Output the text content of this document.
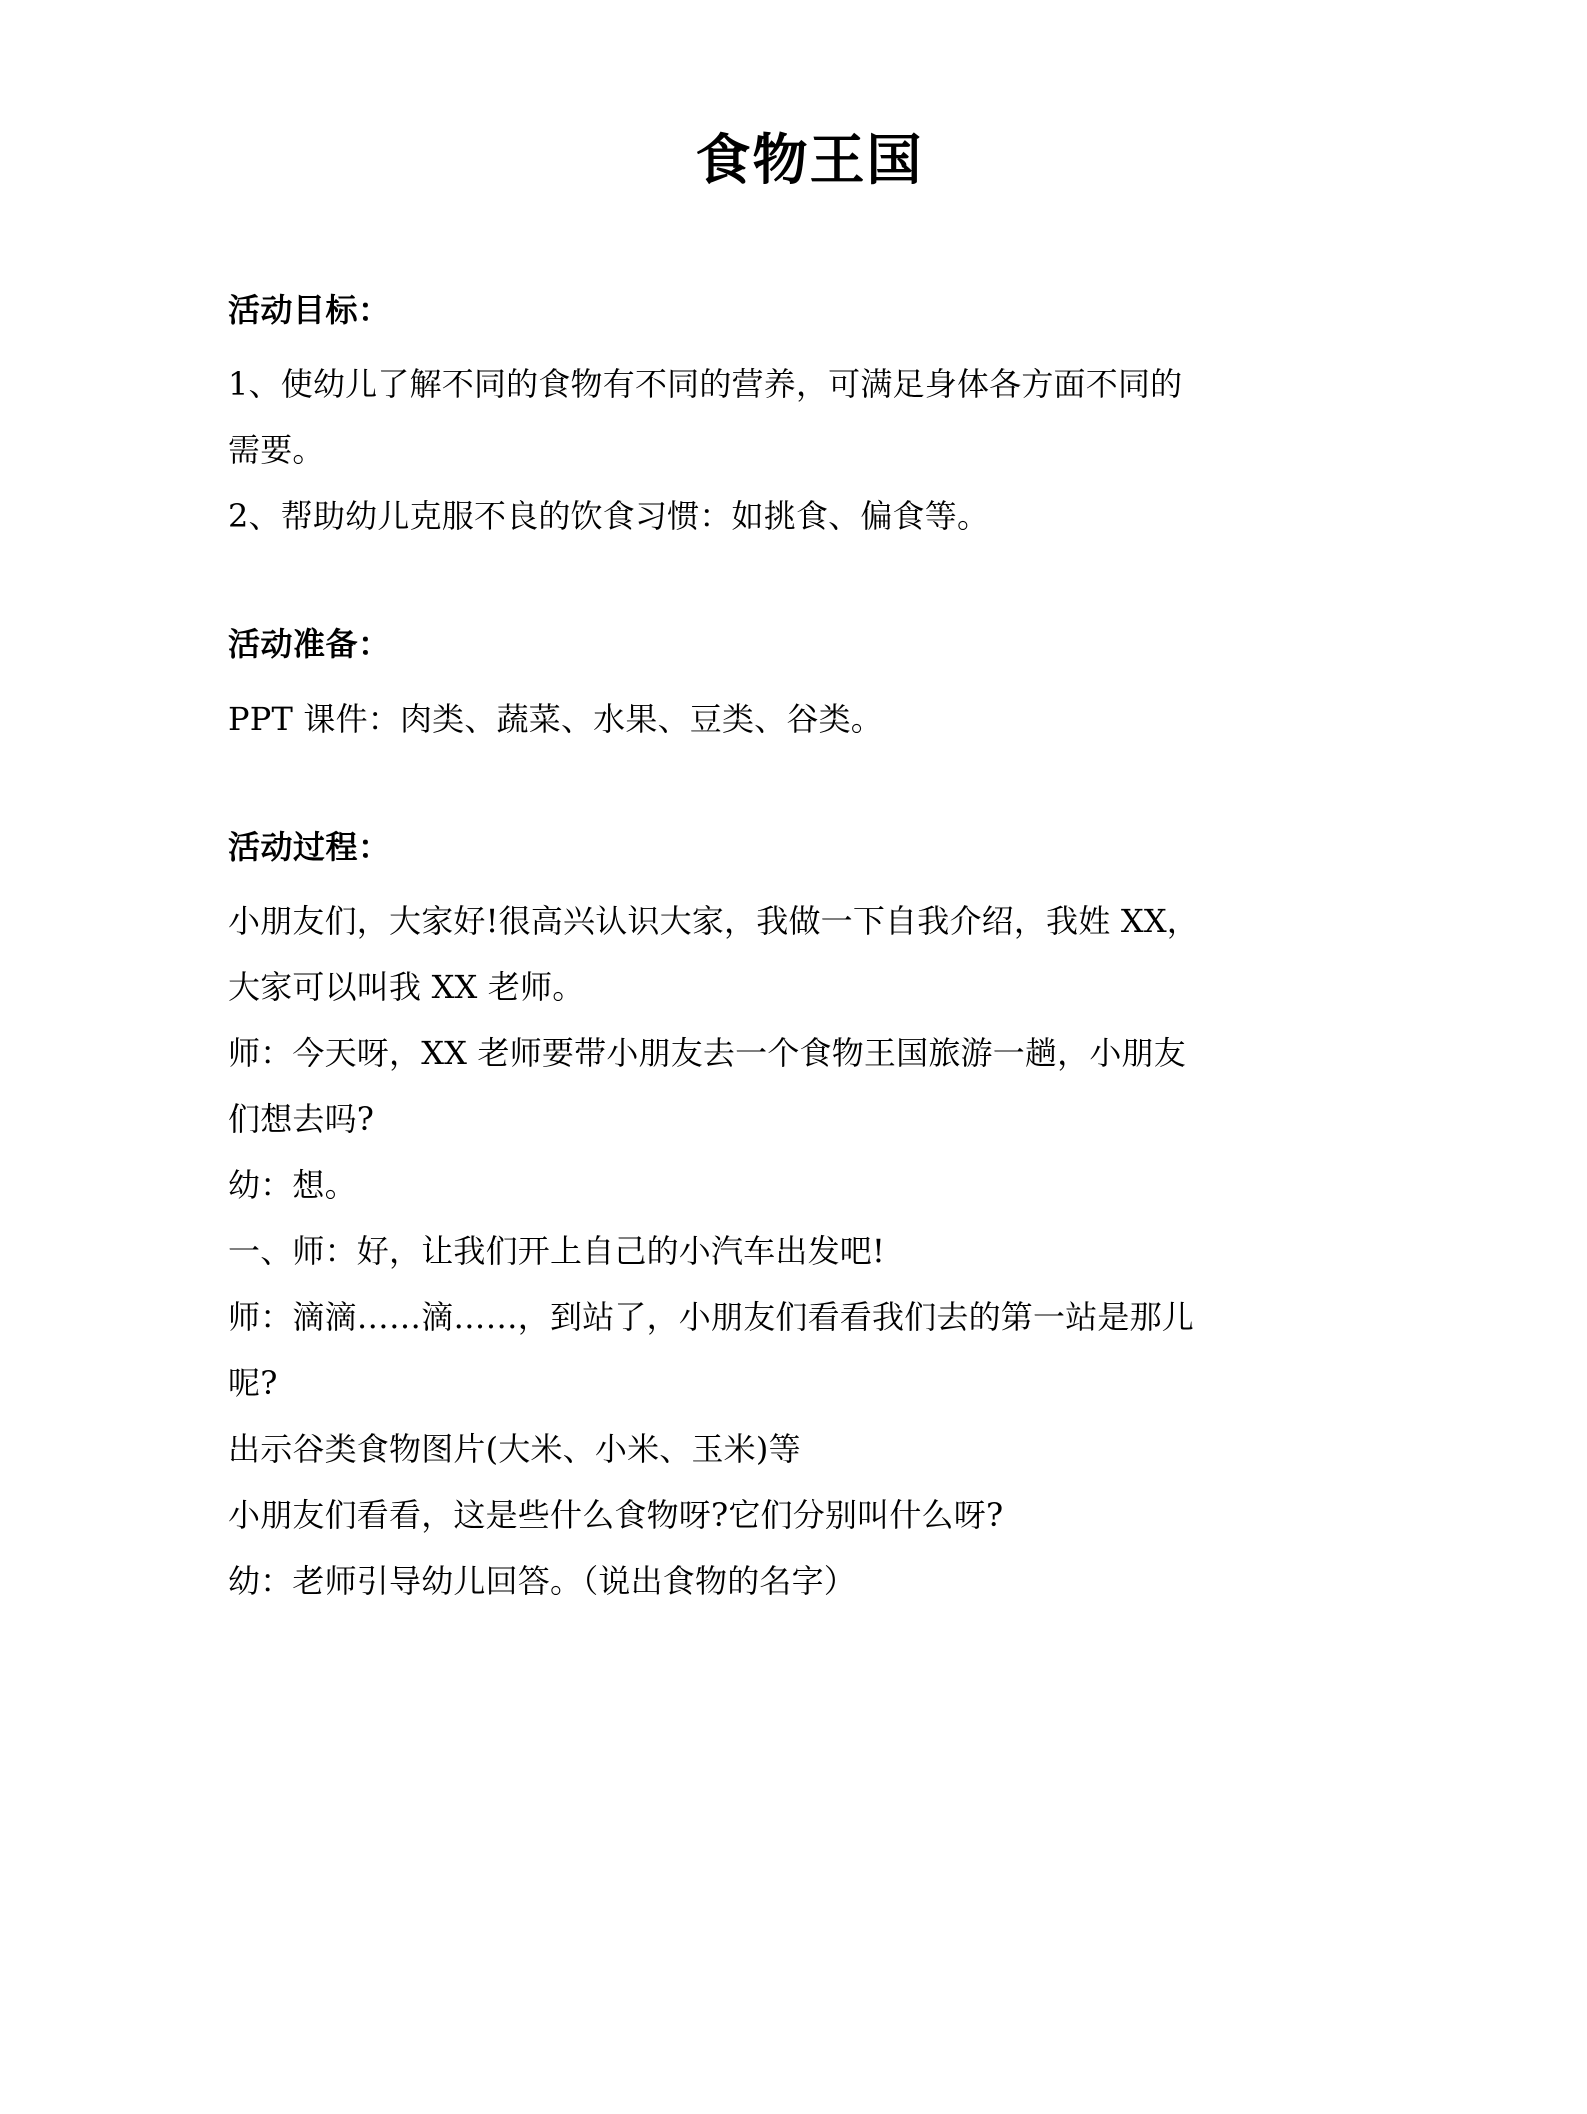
食物王国

活动目标：

1、使幼儿了解不同的食物有不同的营养，可满足身体各方面不同的

需要。

2、帮助幼儿克服不良的饮食习惯：如挑食、偏食等。

活动准备：

PPT 课件：肉类、蔬菜、水果、豆类、谷类。

活动过程：

小朋友们，大家好!很高兴认识大家，我做一下自我介绍，我姓 XX，

大家可以叫我 XX 老师。

师：今天呀，XX 老师要带小朋友去一个食物王国旅游一趟，小朋友

们想去吗?

幼：想。

一、师：好，让我们开上自己的小汽车出发吧!

师：滴滴……滴……，到站了，小朋友们看看我们去的第一站是那儿

呢?

出示谷类食物图片(大米、小米、玉米)等

小朋友们看看，这是些什么食物呀?它们分别叫什么呀?

幼：老师引导幼儿回答。（说出食物的名字）
